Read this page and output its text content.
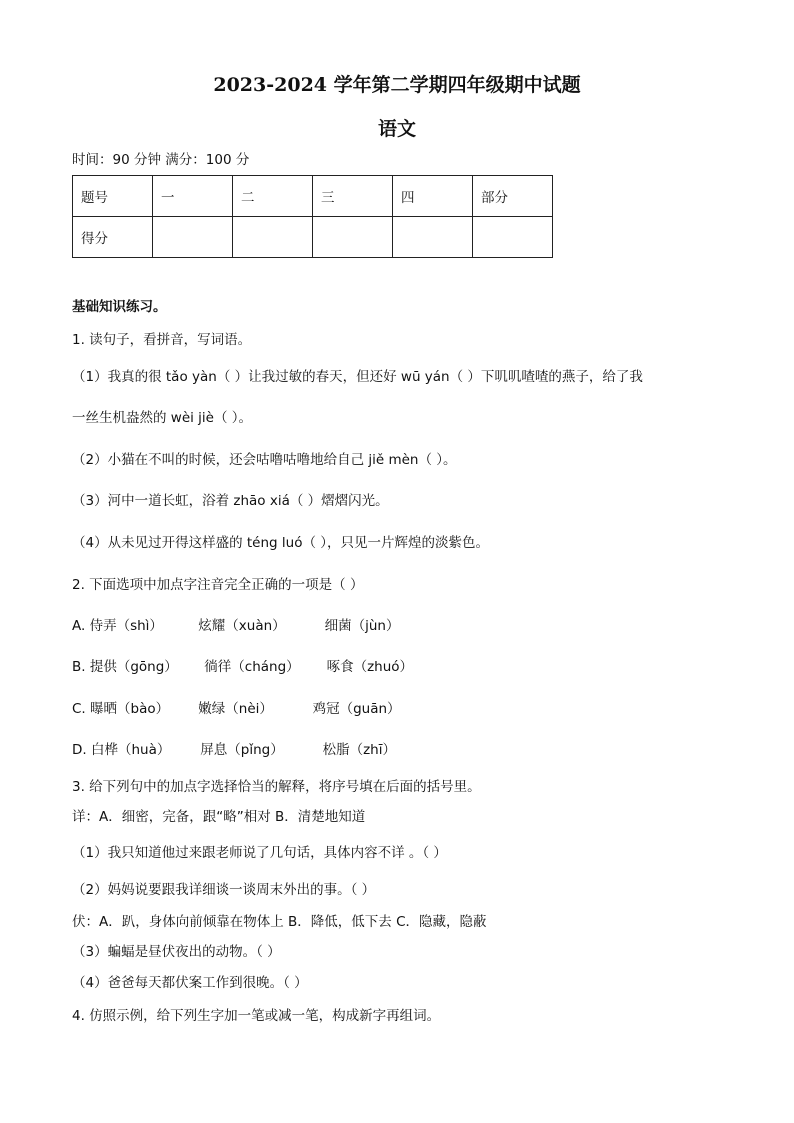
2023-2024 学年第二学期四年级期中试题
语文
时间：90 分钟 满分：100 分
题号	一	二	三	四	部分
得分					
基础知识练习。
1. 读句子，看拼音，写词语。
（1）我真的很 tǎo yàn（ ）让我过敏的春天，但还好 wū yán（ ）下叽叽喳喳的燕子，给了我
一丝生机盎然的 wèi jiè（ ）。
（2）小猫在不叫的时候，还会咕噜咕噜地给自己 jiě mèn（ ）。
（3）河中一道长虹，浴着 zhāo xiá（ ）熠熠闪光。
（4）从未见过开得这样盛的 téng luó（ ），只见一片辉煌的淡紫色。
2. 下面选项中加点字注音完全正确的一项是（ ）
A. 侍弄（shì）	炫耀（xuàn）	细菌（jùn）
B. 提供（gōng） 徜徉（cháng） 啄食（zhuó）
C. 曝晒（bào） 嫩绿（nèi）	鸡冠（guān）
D. 白桦（huà） 屏息（pǐng）	松脂（zhī）
3. 给下列句中的加点字选择恰当的解释，将序号填在后面的括号里。
详：A．细密，完备，跟“略”相对 B．清楚地知道
（1）我只知道他过来跟老师说了几句话，具体内容不详 。（ ）
（2）妈妈说要跟我详细谈一谈周末外出的事。（ ）
伏：A．趴，身体向前倾靠在物体上 B．降低，低下去 C．隐藏，隐蔽
（3）蝙蝠是昼伏夜出的动物。（ ）
（4）爸爸每天都伏案工作到很晚。（ ）
4. 仿照示例，给下列生字加一笔或减一笔，构成新字再组词。
